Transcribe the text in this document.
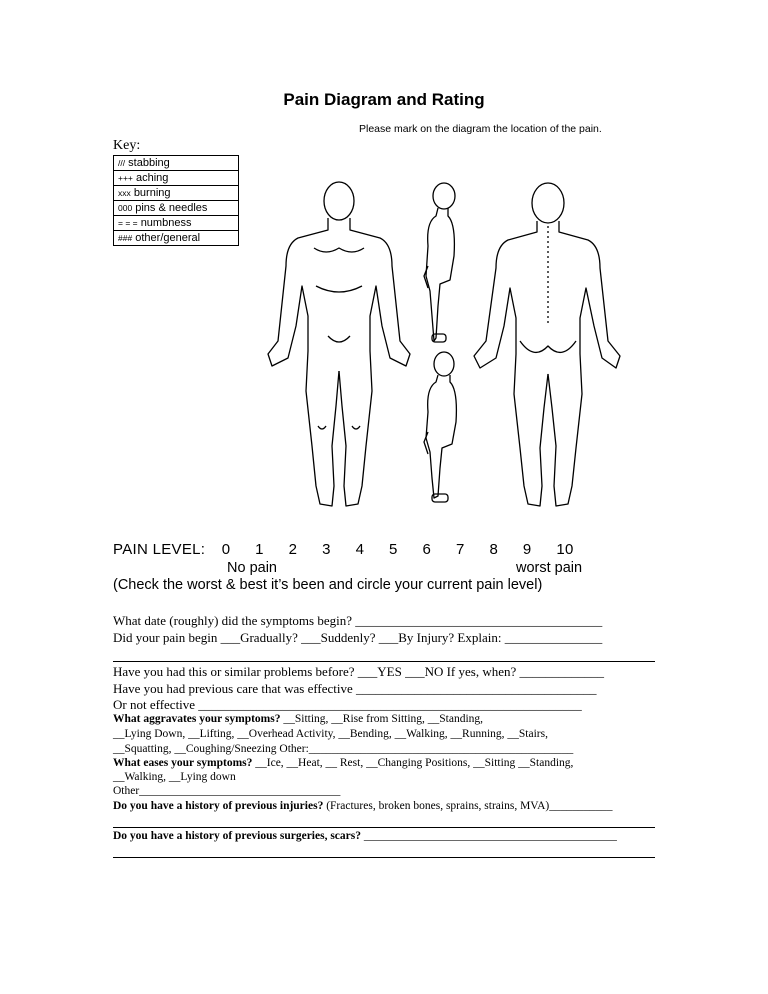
Pain Diagram and Rating
Please mark on the diagram the location of the pain.
Key:
/// stabbing
+++ aching
xxx burning
000 pins & needles
= = = numbness
### other/general
PAIN LEVEL: 0 1 2 3 4 5 6 7 8 9 10
No pain	worst pain
(Check the worst & best it’s been and circle your current pain level)
What date (roughly) did the symptoms begin? ______________________________________
Did your pain begin ___Gradually? ___Suddenly? ___By Injury? Explain: _______________
Have you had this or similar problems before? ___YES ___NO If yes, when? _____________
Have you had previous care that was effective _____________________________________
Or not effective ___________________________________________________________
What aggravates your symptoms? __Sitting, __Rise from Sitting, __Standing,
__Lying Down, __Lifting, __Overhead Activity, __Bending, __Walking, __Running, __Stairs,
__Squatting, __Coughing/Sneezing Other:______________________________________________
What eases your symptoms? __Ice, __Heat, __ Rest, __Changing Positions, __Sitting __Standing,
__Walking, __Lying down
Other___________________________________
Do you have a history of previous injuries? (Fractures, broken bones, sprains, strains, MVA)___________
Do you have a history of previous surgeries, scars? ____________________________________________
